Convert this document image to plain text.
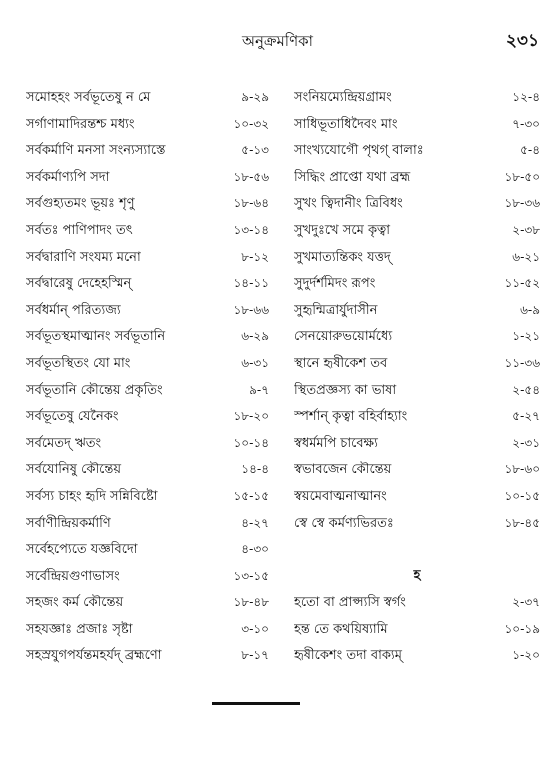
অনুক্রমণিকা	২৩১
সমোহহং সর্বভূতেষু ন মে	৯-২৯
সর্গাণামাদিরন্তশ্চ মধ্যং	১০-৩২
সর্বকর্মাণি মনসা সংন্যস্যাস্তে	৫-১৩
সর্বকর্মাণ্যপি সদা	১৮-৫৬
সর্বগুহ্যতমং ভূয়ঃ শৃণু	১৮-৬৪
সর্বতঃ পাণিপাদং তৎ	১৩-১৪
সর্বদ্বারাণি সংযম্য মনো	৮-১২
সর্বদ্বারেষু দেহেহস্মিন্	১৪-১১
সর্বধর্মান্ পরিত্যজ্য	১৮-৬৬
সর্বভূতস্থমাত্মানং সর্বভূতানি	৬-২৯
সর্বভূতস্থিতং যো মাং	৬-৩১
সর্বভূতানি কৌন্তেয় প্রকৃতিং	৯-৭
সর্বভূতেষু যেনৈকং	১৮-২০
সর্বমেতদ্ ঋতং	১০-১৪
সর্বযোনিষু কৌন্তেয়	১৪-৪
সর্বস্য চাহং হৃদি সন্নিবিষ্টো	১৫-১৫
সর্বাণীন্দ্রিয়কর্মাণি	৪-২৭
সর্বেহপ্যেতে যজ্ঞবিদো	৪-৩০
সর্বেন্দ্রিয়গুণাভাসং	১৩-১৫
সহজং কর্ম কৌন্তেয়	১৮-৪৮
সহযজ্ঞাঃ প্রজাঃ সৃষ্টা	৩-১০
সহস্রযুগপর্যন্তমহর্যদ্ ব্রহ্মণো	৮-১৭
সংনিয়ম্যেন্দ্রিয়গ্রামং	১২-৪
সাধিভূতাধিদৈবং মাং	৭-৩০
সাংখ্যযোগৌ পৃথগ্ বালাঃ	৫-৪
সিদ্ধিং প্রাপ্তো যথা ব্রহ্ম	১৮-৫০
সুখং ত্বিদানীং ত্রিবিধং	১৮-৩৬
সুখদুঃখে সমে কৃত্বা	২-৩৮
সুখমাত্যন্তিকং যত্তদ্	৬-২১
সুদুর্দর্শমিদং রূপং	১১-৫২
সুহৃন্মিত্রার্যুদাসীন	৬-৯
সেনয়োরুভয়োর্মধ্যে	১-২১
স্থানে হৃষীকেশ তব	১১-৩৬
স্থিতপ্রজ্ঞস্য কা ভাষা	২-৫৪
স্পর্শান্ কৃত্বা বহির্বাহ্যাং	৫-২৭
স্বধর্মমপি চাবেক্ষ্য	২-৩১
স্বভাবজেন কৌন্তেয়	১৮-৬০
স্বয়মেবাত্মনাত্মানং	১০-১৫
স্বে স্বে কর্মণ্যভিরতঃ	১৮-৪৫
হ
হতো বা প্রাপ্স্যসি স্বর্গং	২-৩৭
হন্ত তে কথয়িষ্যামি	১০-১৯
হৃষীকেশং তদা বাক্যম্	১-২০
